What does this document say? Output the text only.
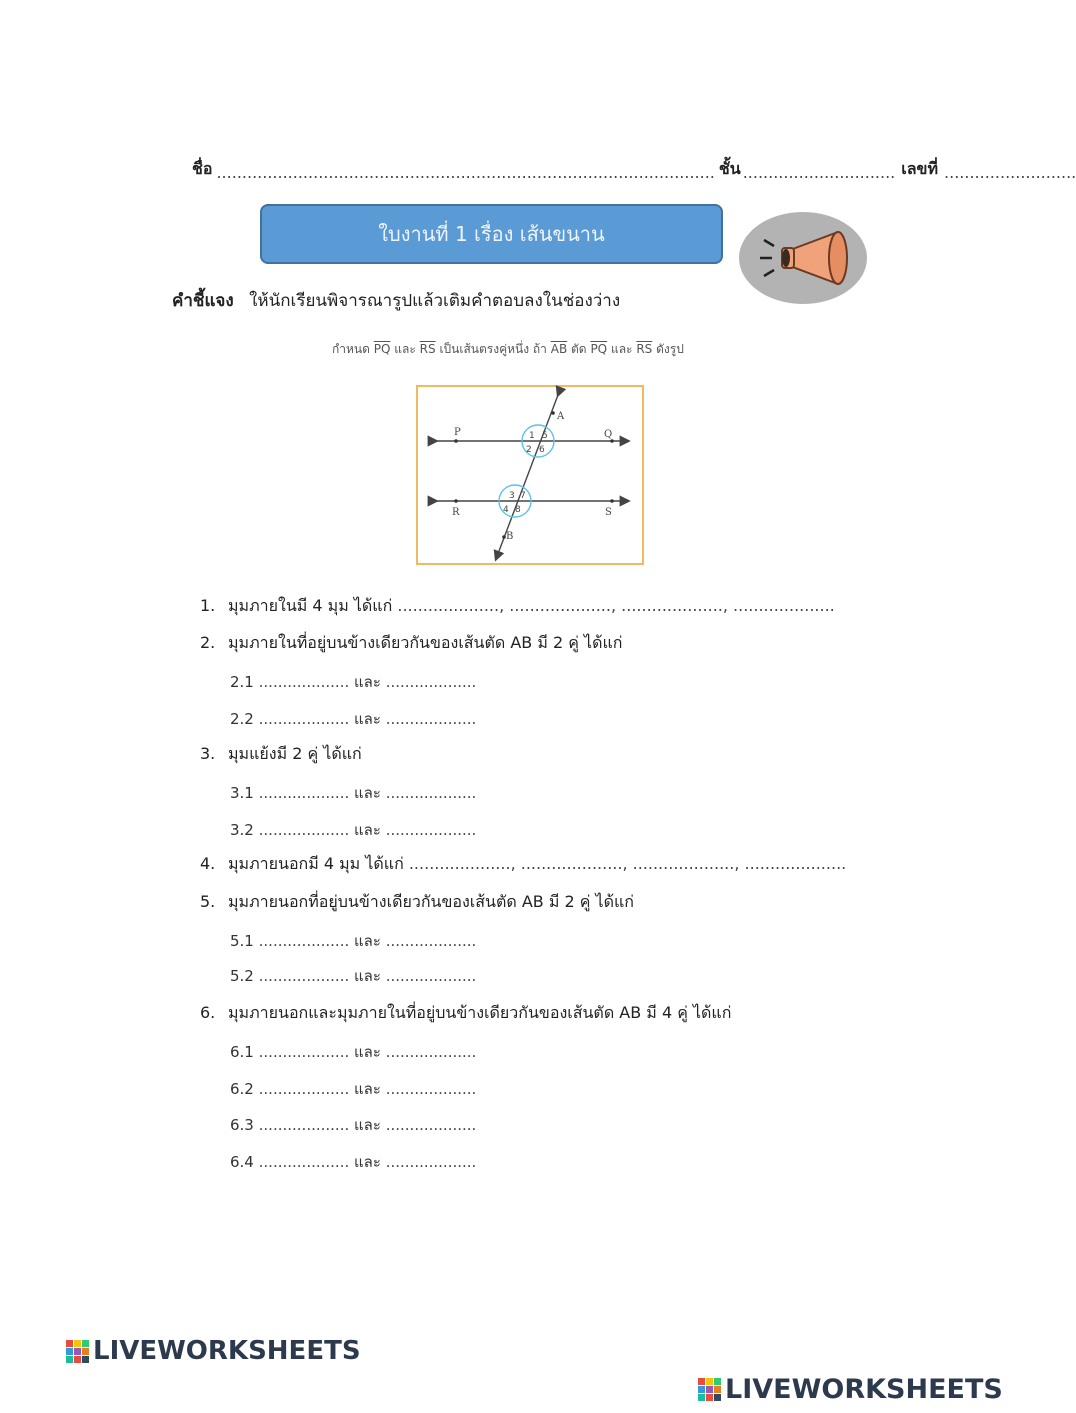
ชื่อ .................................................................................................. ชั้น .............................. เลขที่ ..........................
ใบงานที่ 1 เรื่อง เส้นขนาน
คำชี้แจง ให้นักเรียนพิจารณารูปแล้วเติมคำตอบลงในช่องว่าง
กำหนด $\overline{PQ}$ และ $\overline{RS}$ เป็นเส้นตรงคู่หนึ่ง ถ้า $\overline{AB}$ ตัด $\overline{PQ}$ และ $\overline{RS}$ ดังรูป
P	Q
R	S
A
B
1 5
2 6
3 7
4 8
1. มุมภายในมี 4 มุม ได้แก่ ...................., ...................., ...................., ....................
2. มุมภายในที่อยู่บนข้างเดียวกันของเส้นตัด AB มี 2 คู่ ได้แก่
2.1 ................... และ ...................
2.2 ................... และ ...................
3. มุมแย้งมี 2 คู่ ได้แก่
3.1 ................... และ ...................
3.2 ................... และ ...................
4. มุมภายนอกมี 4 มุม ได้แก่ ...................., ...................., ...................., ....................
5. มุมภายนอกที่อยู่บนข้างเดียวกันของเส้นตัด AB มี 2 คู่ ได้แก่
5.1 ................... และ ...................
5.2 ................... และ ...................
6. มุมภายนอกและมุมภายในที่อยู่บนข้างเดียวกันของเส้นตัด AB มี 4 คู่ ได้แก่
6.1 ................... และ ...................
6.2 ................... และ ...................
6.3 ................... และ ...................
6.4 ................... และ ...................
LIVEWORKSHEETS
LIVEWORKSHEETS
